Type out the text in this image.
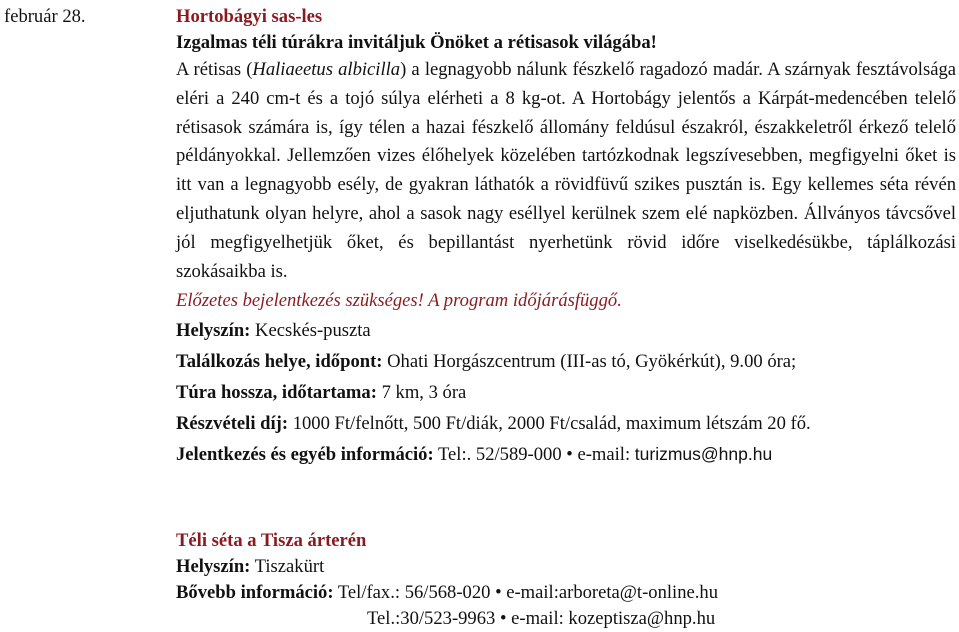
február 28.	Hortobágyi sas-les
Izgalmas téli túrákra invitáljuk Önöket a rétisasok világába!

A rétisas (Haliaeetus albicilla) a legnagyobb nálunk fészkelő ragadozó madár. A szárnyak fesztávolsága eléri a 240 cm-t és a tojó súlya elérheti a 8 kg-ot. A Hortobágy jelentős a Kárpát-medencében telelő rétisasok számára is, így télen a hazai fészkelő állomány feldúsul északról, északkeletről érkező telelő példányokkal. Jellemzően vizes élőhelyek közelében tartózkodnak legszívesebben, megfigyelni őket is itt van a legnagyobb esély, de gyakran láthatók a rövidfüvű szikes pusztán is. Egy kellemes séta révén eljuthatunk olyan helyre, ahol a sasok nagy eséllyel kerülnek szem elé napközben. Állványos távcsővel jól megfigyelhetjük őket, és bepillantást nyerhetünk rövid időre viselkedésükbe, táplálkozási szokásaikba is.

Előzetes bejelentkezés szükséges! A program időjárásfüggő.
Helyszín: Kecskés-puszta
Találkozás helye, időpont: Ohati Horgászcentrum (III-as tó, Gyökérkút), 9.00 óra;
Túra hossza, időtartama: 7 km, 3 óra
Részvételi díj: 1000 Ft/felnőtt, 500 Ft/diák, 2000 Ft/család, maximum létszám 20 fő.
Jelentkezés és egyéb információ: Tel:. 52/589-000 • e-mail: turizmus@hnp.hu
Téli séta a Tisza árterén
Helyszín: Tiszakürt
Bővebb információ: Tel/fax.: 56/568-020 • e-mail:arboreta@t-online.hu
Tel.:30/523-9963 • e-mail: kozeptisza@hnp.hu
